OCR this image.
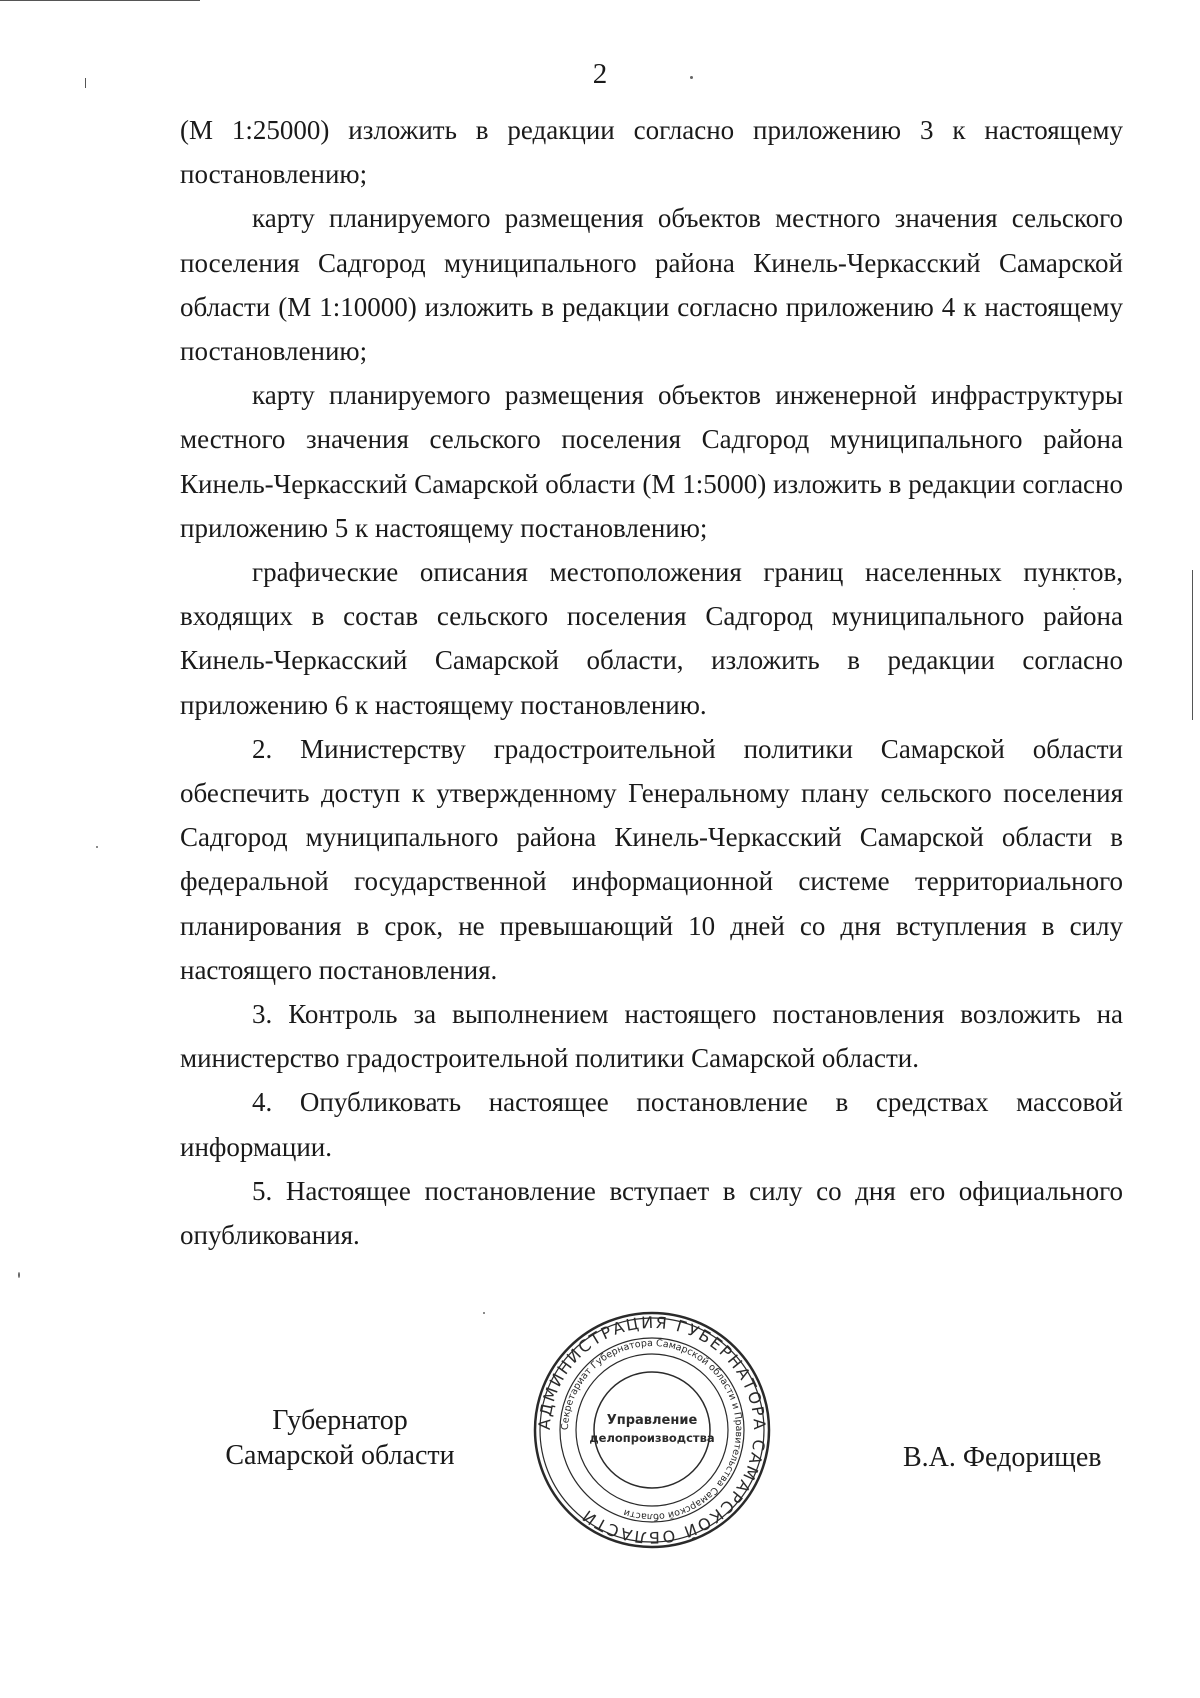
2

(М 1:25000) изложить в редакции согласно приложению 3 к настоящему постановлению;

карту планируемого размещения объектов местного значения сельского поселения Садгород муниципального района Кинель-Черкасский Самарской области (М 1:10000) изложить в редакции согласно приложению 4 к настоящему постановлению;

карту планируемого размещения объектов инженерной инфраструктуры местного значения сельского поселения Садгород муниципального района Кинель-Черкасский Самарской области (М 1:5000) изложить в редакции согласно приложению 5 к настоящему постановлению;

графические описания местоположения границ населенных пунктов, входящих в состав сельского поселения Садгород муниципального района Кинель-Черкасский Самарской области, изложить в редакции согласно приложению 6 к настоящему постановлению.

2. Министерству градостроительной политики Самарской области обеспечить доступ к утвержденному Генеральному плану сельского поселения Садгород муниципального района Кинель-Черкасский Самарской области в федеральной государственной информационной системе территориального планирования в срок, не превышающий 10 дней со дня вступления в силу настоящего постановления.

3. Контроль за выполнением настоящего постановления возложить на министерство градостроительной политики Самарской области.

4. Опубликовать настоящее постановление в средствах массовой информации.

5. Настоящее постановление вступает в силу со дня его официального опубликования.

Губернатор
Самарской области	В.А. Федорищев
АДМИНИСТРАЦИЯ ГУБЕРНАТОРА САМАРСКОЙ ОБЛАСТИ
Секретариат Губернатора Самарской области и Правительства Самарской области
Управление
делопроизводства
